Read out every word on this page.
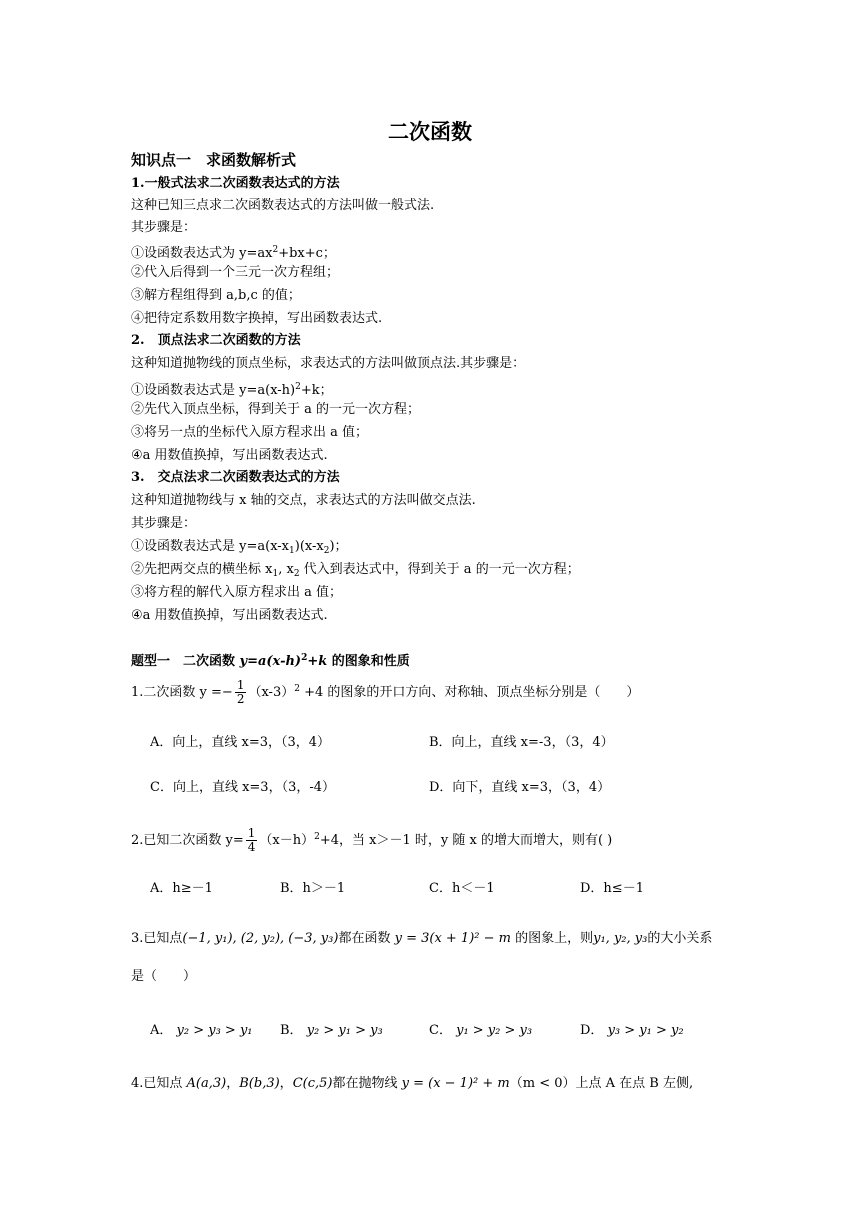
二次函数
知识点一　求函数解析式
1.一般式法求二次函数表达式的方法
这种已知三点求二次函数表达式的方法叫做一般式法.
其步骤是：
①设函数表达式为 $y=ax^2+bx+c$；
②代入后得到一个三元一次方程组；
③解方程组得到 a,b,c 的值；
④把待定系数用数字换掉，写出函数表达式.
2.　顶点法求二次函数的方法
这种知道抛物线的顶点坐标，求表达式的方法叫做顶点法.其步骤是：
①设函数表达式是 $y=a(x-h)^2+k$；
②先代入顶点坐标，得到关于 a 的一元一次方程；
③将另一点的坐标代入原方程求出 a 值；
④a 用数值换掉，写出函数表达式.
3.　交点法求二次函数表达式的方法
这种知道抛物线与 x 轴的交点，求表达式的方法叫做交点法.
其步骤是：
①设函数表达式是 $y=a(x-x_1)(x-x_2)$；
②先把两交点的横坐标 $x_1$, $x_2$ 代入到表达式中，得到关于 a 的一元一次方程；
③将方程的解代入原方程求出 a 值；
④a 用数值换掉，写出函数表达式.
题型一　二次函数 $y=a(x-h)^2+k$ 的图象和性质
1.二次函数 $y =- \frac{1}{2} (x-3)^2 +4$ 的图象的开口方向、对称轴、顶点坐标分别是（　　）
A．向上，直线 x=3，（3，4）	B．向上，直线 x=-3，（3，4）
C．向上，直线 x=3，（3，-4）	D．向下，直线 x=3，（3，4）
2.已知二次函数 $y= \frac{1}{4} (x-h)^2+4$，当 x＞－1 时，y 随 x 的增大而增大，则有( )
A．h≥－1	B．h＞－1	C．h＜－1	D．h≤－1
3.已知点(−1, y₁), (2, y₂), (−3, y₃)都在函数 y = 3(x + 1)² − m 的图象上，则y₁, y₂, y₃的大小关系
是（　　）
A． y₂ > y₃ > y₁ B． y₂ > y₁ > y₃	C． y₁ > y₂ > y₃	D． y₃ > y₁ > y₂
4.已知点 A(a,3)，B(b,3)，C(c,5)都在抛物线 y = (x − 1)² + m（m < 0）上点 A 在点 B 左侧,
